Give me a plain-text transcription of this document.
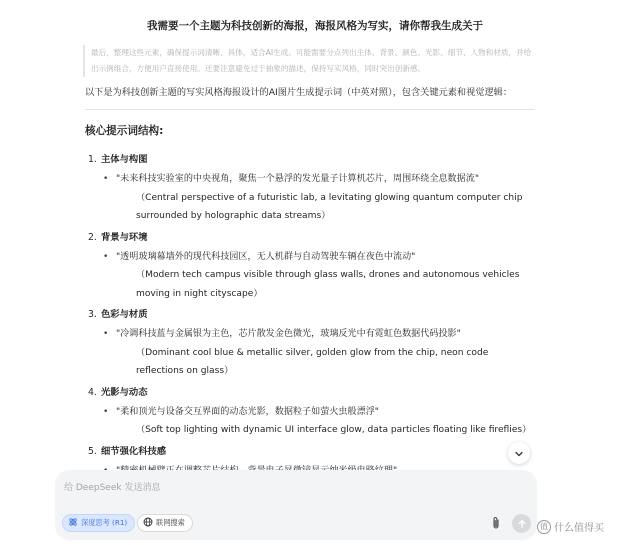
我需要一个主题为科技创新的海报，海报风格为写实，请你帮我生成关于
最后，整理这些元素，确保提示词清晰、具体，适合AI生成。可能需要分点列出主体、背景、颜色、光影、细节、人物和材质，并给出示例组合，方便用户直接使用。还要注意避免过于抽象的描述，保持写实风格，同时突出创新感。
以下是为科技创新主题的写实风格海报设计的AI图片生成提示词（中英对照），包含关键元素和视觉逻辑：
核心提示词结构:
1. 主体与构图
• "未来科技实验室的中央视角，聚焦一个悬浮的发光量子计算机芯片，周围环绕全息数据流"
（Central perspective of a futuristic lab, a levitating glowing quantum computer chip surrounded by holographic data streams）
2. 背景与环境
• "透明玻璃幕墙外的现代科技园区，无人机群与自动驾驶车辆在夜色中流动"
（Modern tech campus visible through glass walls, drones and autonomous vehicles moving in night cityscape）
3. 色彩与材质
• "冷调科技蓝与金属银为主色，芯片散发金色微光，玻璃反光中有霓虹色数据代码投影"
（Dominant cool blue & metallic silver, golden glow from the chip, neon code reflections on glass）
4. 光影与动态
• "柔和顶光与设备交互界面的动态光影，数据粒子如萤火虫般漂浮"
（Soft top lighting with dynamic UI interface glow, data particles floating like fireflies）
5. 细节强化科技感
•
给 DeepSeek 发送消息
深度思考 (R1)	联网搜索	值 什么值得买
